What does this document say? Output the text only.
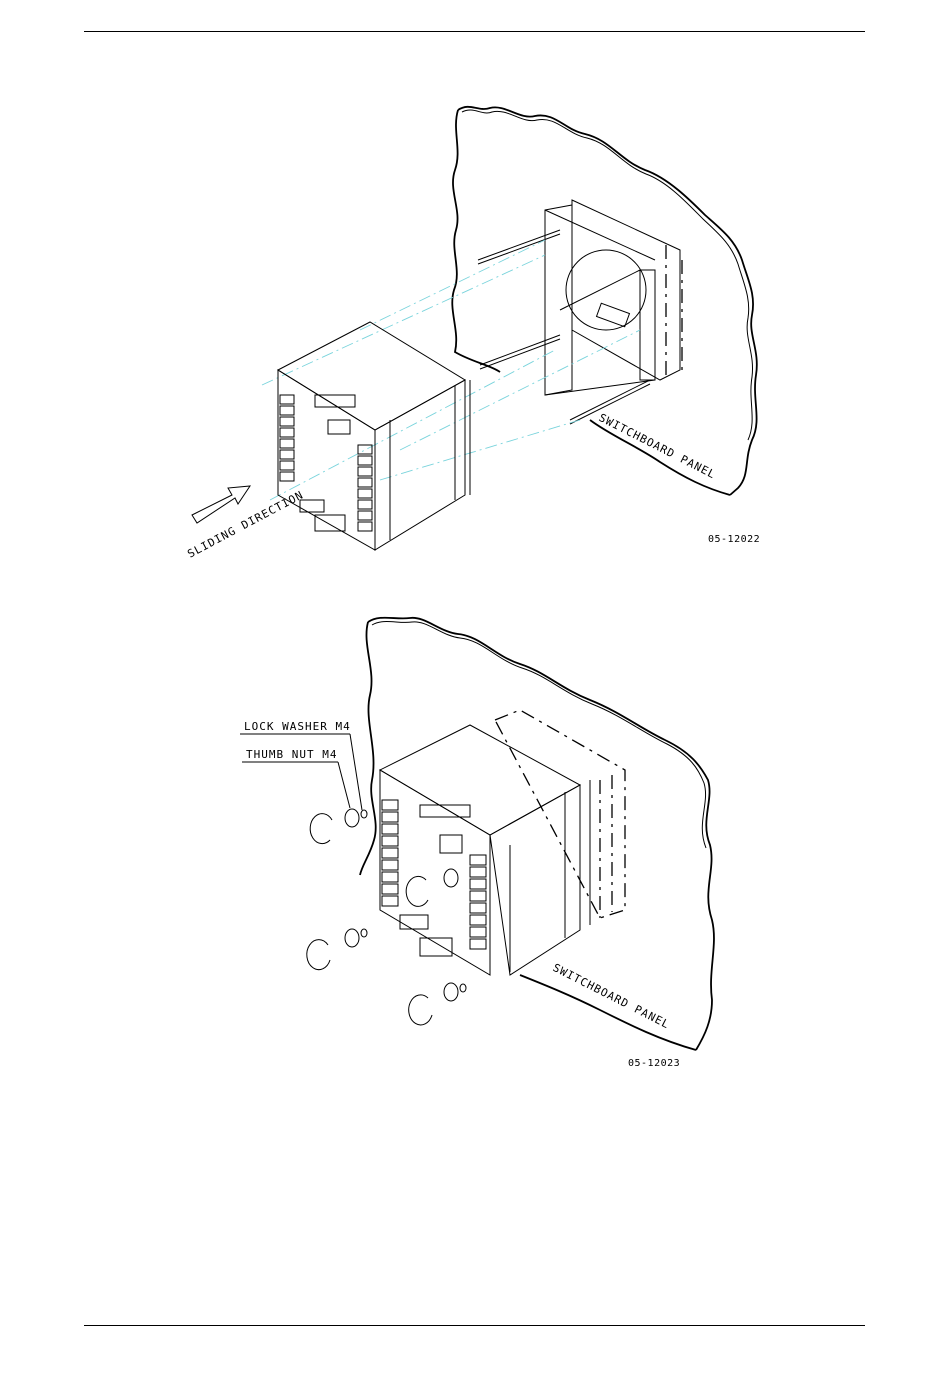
SWITCHBOARD PANEL
SLIDING DIRECTION	05-12022
SWITCHBOARD PANEL
LOCK WASHER M4
THUMB NUT M4
05-12023
